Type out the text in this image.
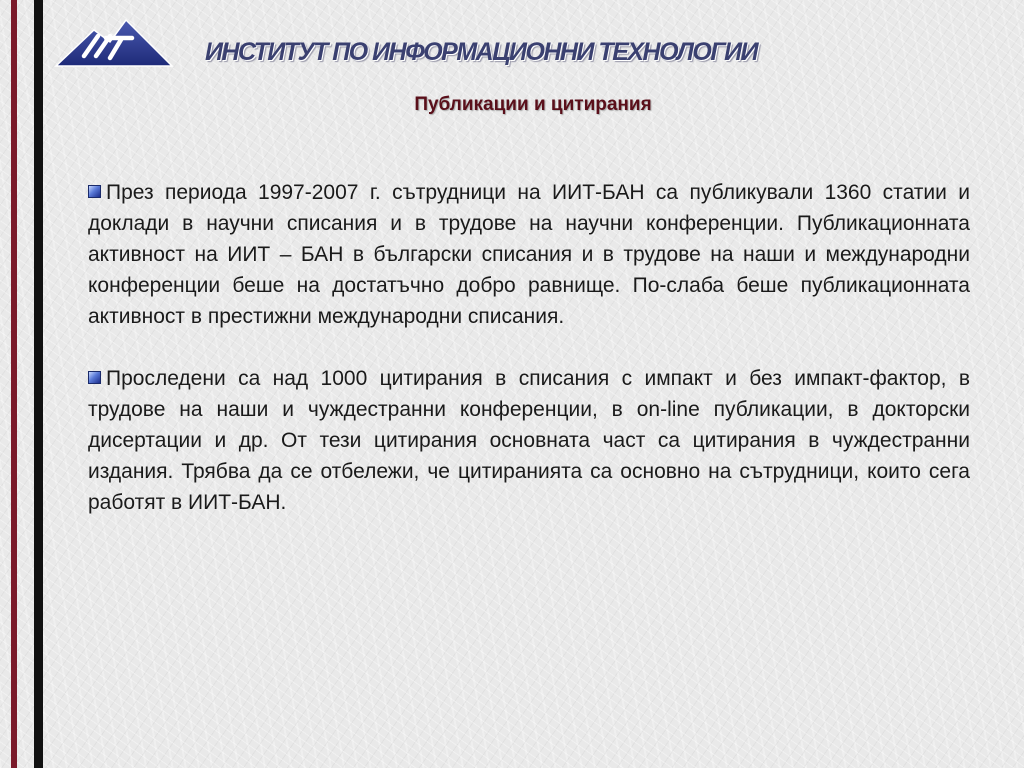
ИНСТИТУТ ПО ИНФОРМАЦИОННИ ТЕХНОЛОГИИ
Публикации и цитирания

През периода 1997-2007 г. сътрудници на ИИТ-БАН са публикували 1360 статии и доклади в научни списания и в трудове на научни конференции. Публикационната активност на ИИТ – БАН в български списания и в трудове на наши и международни конференции беше на достатъчно добро равнище. По-слаба беше публикационната активност в престижни международни списания.

Проследени са над 1000 цитирания в списания с импакт и без импакт-фактор, в трудове на наши и чуждестранни конференции, в on-line публикации, в докторски дисертации и др. От тези цитирания основната част са цитирания в чуждестранни издания. Трябва да се отбележи, че цитиранията са основно на сътрудници, които сега работят в ИИТ-БАН.
